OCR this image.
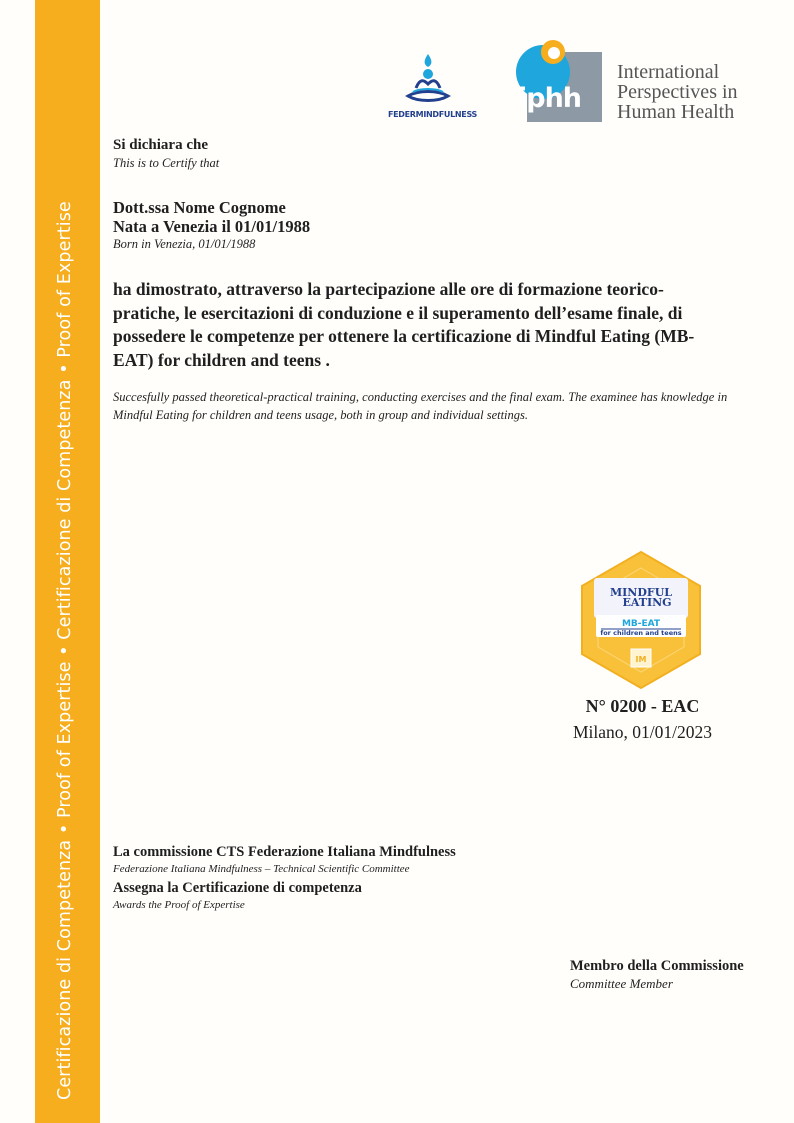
Certificazione di Competenza • Proof of Expertise • Certificazione di Competenza • Proof of Expertise
FEDERMINDFULNESS
iphh
International
Perspectives in
Human Health
Si dichiara che
This is to Certify that
Dott.ssa Nome Cognome
Nata a Venezia il 01/01/1988
Born in Venezia, 01/01/1988
ha dimostrato, attraverso la partecipazione alle ore di formazione teorico-pratiche, le esercitazioni di conduzione e il superamento dell’esame finale, di possedere le competenze per ottenere la certificazione di Mindful Eating (MB-EAT) for children and teens .
Succesfully passed theoretical-practical training, conducting exercises and the final exam. The examinee has knowledge in Mindful Eating for children and teens usage, both in group and individual settings.
MINDFUL
EATING
MB-EAT
for children and teens
IM
N° 0200 - EAC
Milano, 01/01/2023
La commissione CTS Federazione Italiana Mindfulness
Federazione Italiana Mindfulness – Technical Scientific Committee
Assegna la Certificazione di competenza
Awards the Proof of Expertise
Membro della Commissione
Committee Member
